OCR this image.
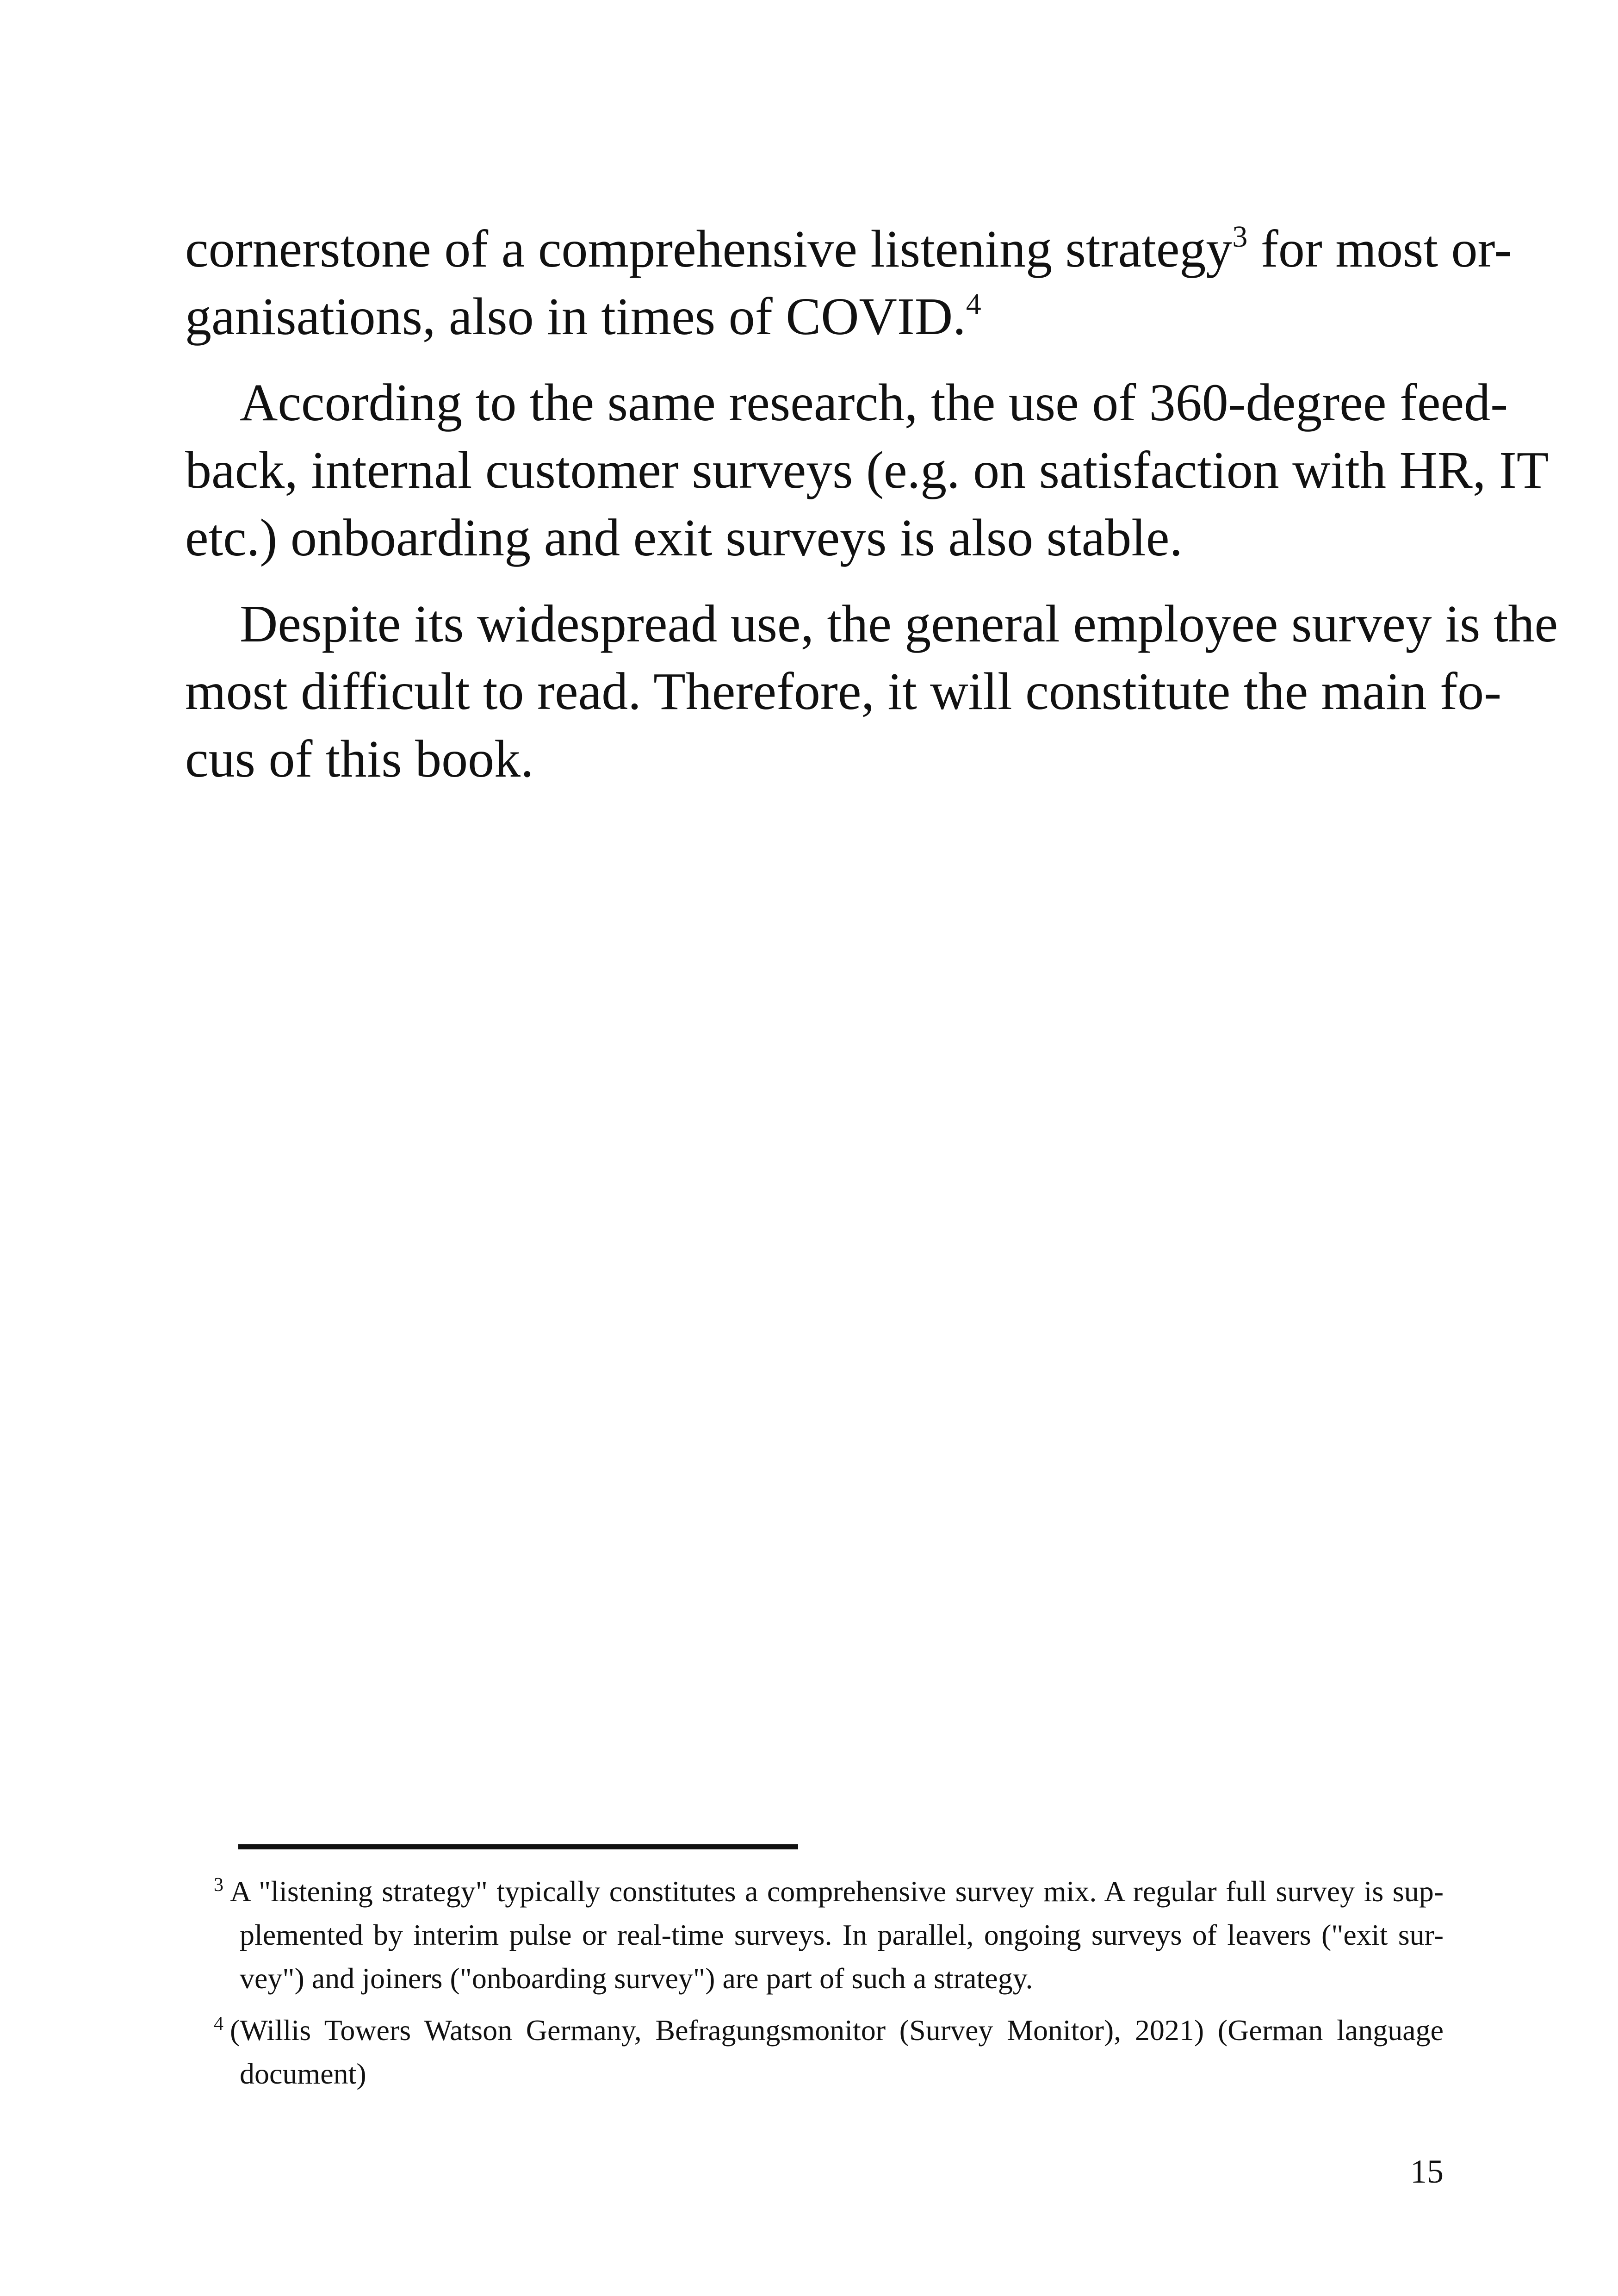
cornerstone of a comprehensive listening strategy$^3$ for most or-
ganisations, also in times of COVID.$^4$

According to the same research, the use of 360-degree feed-
back, internal customer surveys (e.g. on satisfaction with HR, IT
etc.) onboarding and exit surveys is also stable.

Despite its widespread use, the general employee survey is the
most difficult to read. Therefore, it will constitute the main fo-
cus of this book.

$^3$ A "listening strategy" typically constitutes a comprehensive survey mix. A regular full survey is sup-
plemented by interim pulse or real-time surveys. In parallel, ongoing surveys of leavers ("exit sur-
vey") and joiners ("onboarding survey") are part of such a strategy.
$^4$ (Willis Towers Watson Germany, Befragungsmonitor (Survey Monitor), 2021) (German language
document)
15
